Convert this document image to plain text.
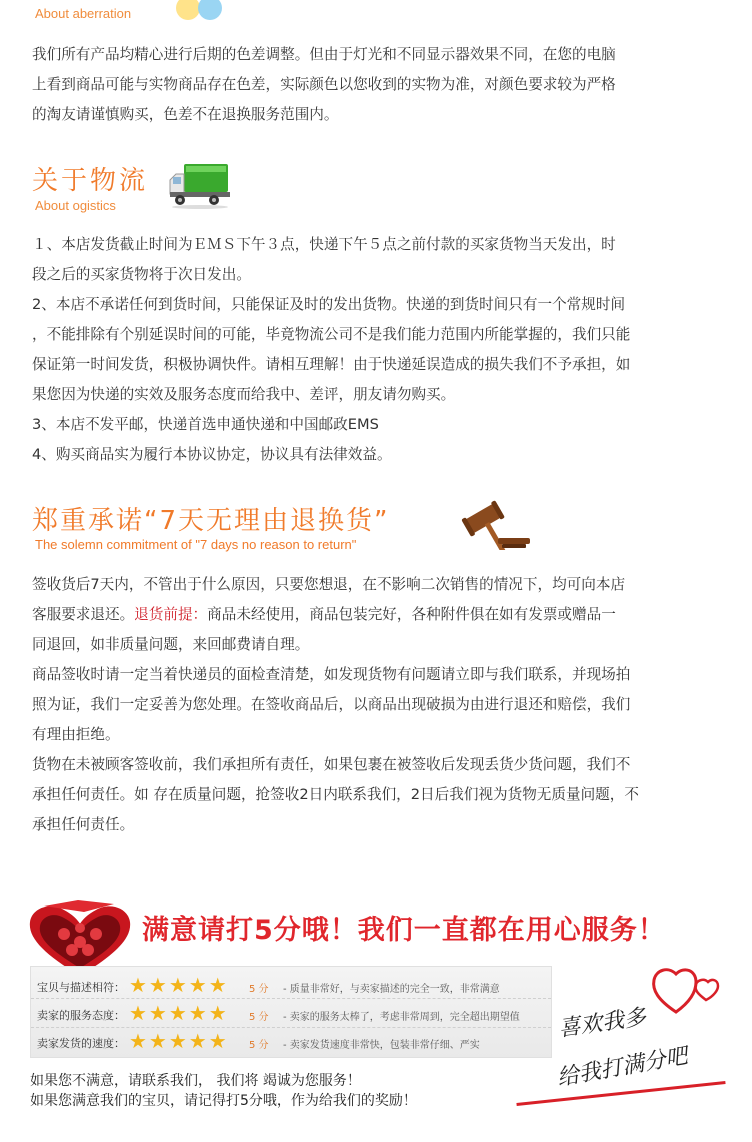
About aberration

我们所有产品均精心进行后期的色差调整。但由于灯光和不同显示器效果不同，在您的电脑

上看到商品可能与实物商品存在色差，实际颜色以您收到的实物为准，对颜色要求较为严格

的淘友请谨慎购买，色差不在退换服务范围内。

关于物流
About ogistics

１、本店发货截止时间为ＥＭＳ下午３点，快递下午５点之前付款的买家货物当天发出，时

段之后的买家货物将于次日发出。

2、本店不承诺任何到货时间，只能保证及时的发出货物。快递的到货时间只有一个常规时间

，不能排除有个别延误时间的可能，毕竟物流公司不是我们能力范围内所能掌握的，我们只能

保证第一时间发货，积极协调快件。请相互理解！由于快递延误造成的损失我们不予承担，如

果您因为快递的实效及服务态度而给我中、差评，朋友请勿购买。

3、本店不发平邮，快递首选申通快递和中国邮政EMS

4、购买商品实为履行本协议协定，协议具有法律效益。

郑重承诺“7天无理由退换货”
The solemn commitment of "7 days no reason to return"

签收货后7天内，不管出于什么原因，只要您想退，在不影响二次销售的情况下，均可向本店

客服要求退还。退货前提：商品未经使用，商品包装完好，各种附件俱在如有发票或赠品一

同退回，如非质量问题，来回邮费请自理。

商品签收时请一定当着快递员的面检查清楚，如发现货物有问题请立即与我们联系，并现场拍

照为证，我们一定妥善为您处理。在签收商品后，以商品出现破损为由进行退还和赔偿，我们

有理由拒绝。

货物在未被顾客签收前，我们承担所有责任，如果包裹在被签收后发现丢货少货问题，我们不

承担任何责任。如 存在质量问题，抢签收2日内联系我们，2日后我们视为货物无质量问题，不

承担任何责任。

满意请打5分哦！我们一直都在用心服务！
宝贝与描述相符： ★★★★★ 5 分 - 质量非常好，与卖家描述的完全一致，非常满意
卖家的服务态度： ★★★★★ 5 分 - 卖家的服务太棒了，考虑非常周到，完全超出期望值
卖家发货的速度： ★★★★★ 5 分 - 卖家发货速度非常快，包装非常仔细、严实
喜欢我多
给我打满分吧
如果您不满意，请联系我们， 我们将 竭诚为您服务！
如果您满意我们的宝贝，请记得打5分哦，作为给我们的奖励！
